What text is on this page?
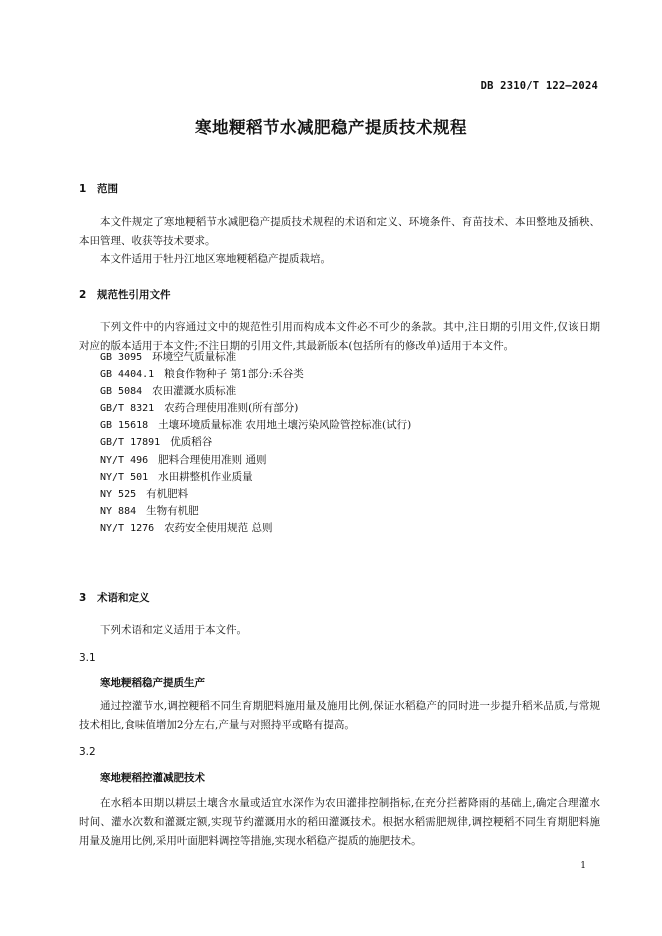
DB 2310/T 122—2024
寒地粳稻节水减肥稳产提质技术规程
1 范围
本文件规定了寒地粳稻节水减肥稳产提质技术规程的术语和定义、环境条件、育苗技术、本田整地及插秧、本田管理、收获等技术要求。
本文件适用于牡丹江地区寒地粳稻稳产提质栽培。
2 规范性引用文件
下列文件中的内容通过文中的规范性引用而构成本文件必不可少的条款。其中,注日期的引用文件,仅该日期对应的版本适用于本文件;不注日期的引用文件,其最新版本(包括所有的修改单)适用于本文件。
GB 3095 环境空气质量标准
GB 4404.1 粮食作物种子 第1部分:禾谷类
GB 5084 农田灌溉水质标准
GB/T 8321 农药合理使用准则(所有部分)
GB 15618 土壤环境质量标准 农用地土壤污染风险管控标准(试行)
GB/T 17891 优质稻谷
NY/T 496 肥料合理使用准则 通则
NY/T 501 水田耕整机作业质量
NY 525 有机肥料
NY 884 生物有机肥
NY/T 1276 农药安全使用规范 总则
3 术语和定义
下列术语和定义适用于本文件。
3.1
寒地粳稻稳产提质生产
通过控灌节水,调控粳稻不同生育期肥料施用量及施用比例,保证水稻稳产的同时进一步提升稻米品质,与常规技术相比,食味值增加2分左右,产量与对照持平或略有提高。
3.2
寒地粳稻控灌减肥技术
在水稻本田期以耕层土壤含水量或适宜水深作为农田灌排控制指标,在充分拦蓄降雨的基础上,确定合理灌水时间、灌水次数和灌溉定额,实现节约灌溉用水的稻田灌溉技术。根据水稻需肥规律,调控粳稻不同生育期肥料施用量及施用比例,采用叶面肥料调控等措施,实现水稻稳产提质的施肥技术。
1
